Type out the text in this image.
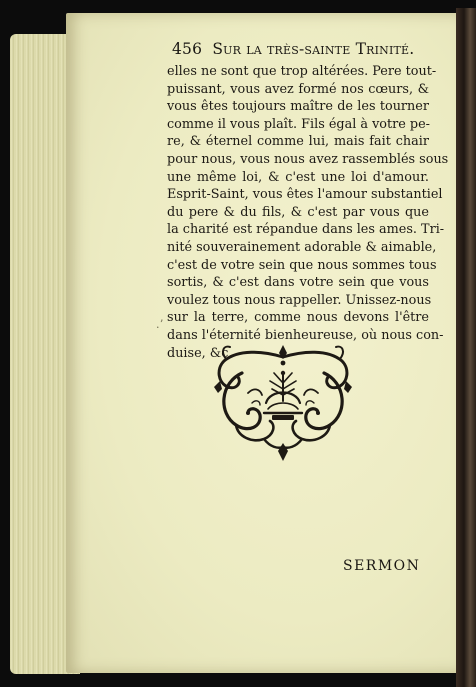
456 Sur la très-sainte Trinité.
elles ne sont que trop altérées. Pere tout-
puissant, vous avez formé nos cœurs, &
vous êtes toujours maître de les tourner
comme il vous plaît. Fils égal à votre pe-
re, & éternel comme lui, mais fait chair
pour nous, vous nous avez rassemblés sous
une même loi, & c'est une loi d'amour.
Esprit-Saint, vous êtes l'amour substantiel
du pere & du fils, & c'est par vous que
la charité est répandue dans les ames. Tri-
nité souverainement adorable & aimable,
c'est de votre sein que nous sommes tous
sortis, & c'est dans votre sein que vous
voulez tous nous rappeller. Unissez-nous
sur la terre, comme nous devons l'être
dans l'éternité bienheureuse, où nous con-
duise, &c.
.ʼ
SERMON
